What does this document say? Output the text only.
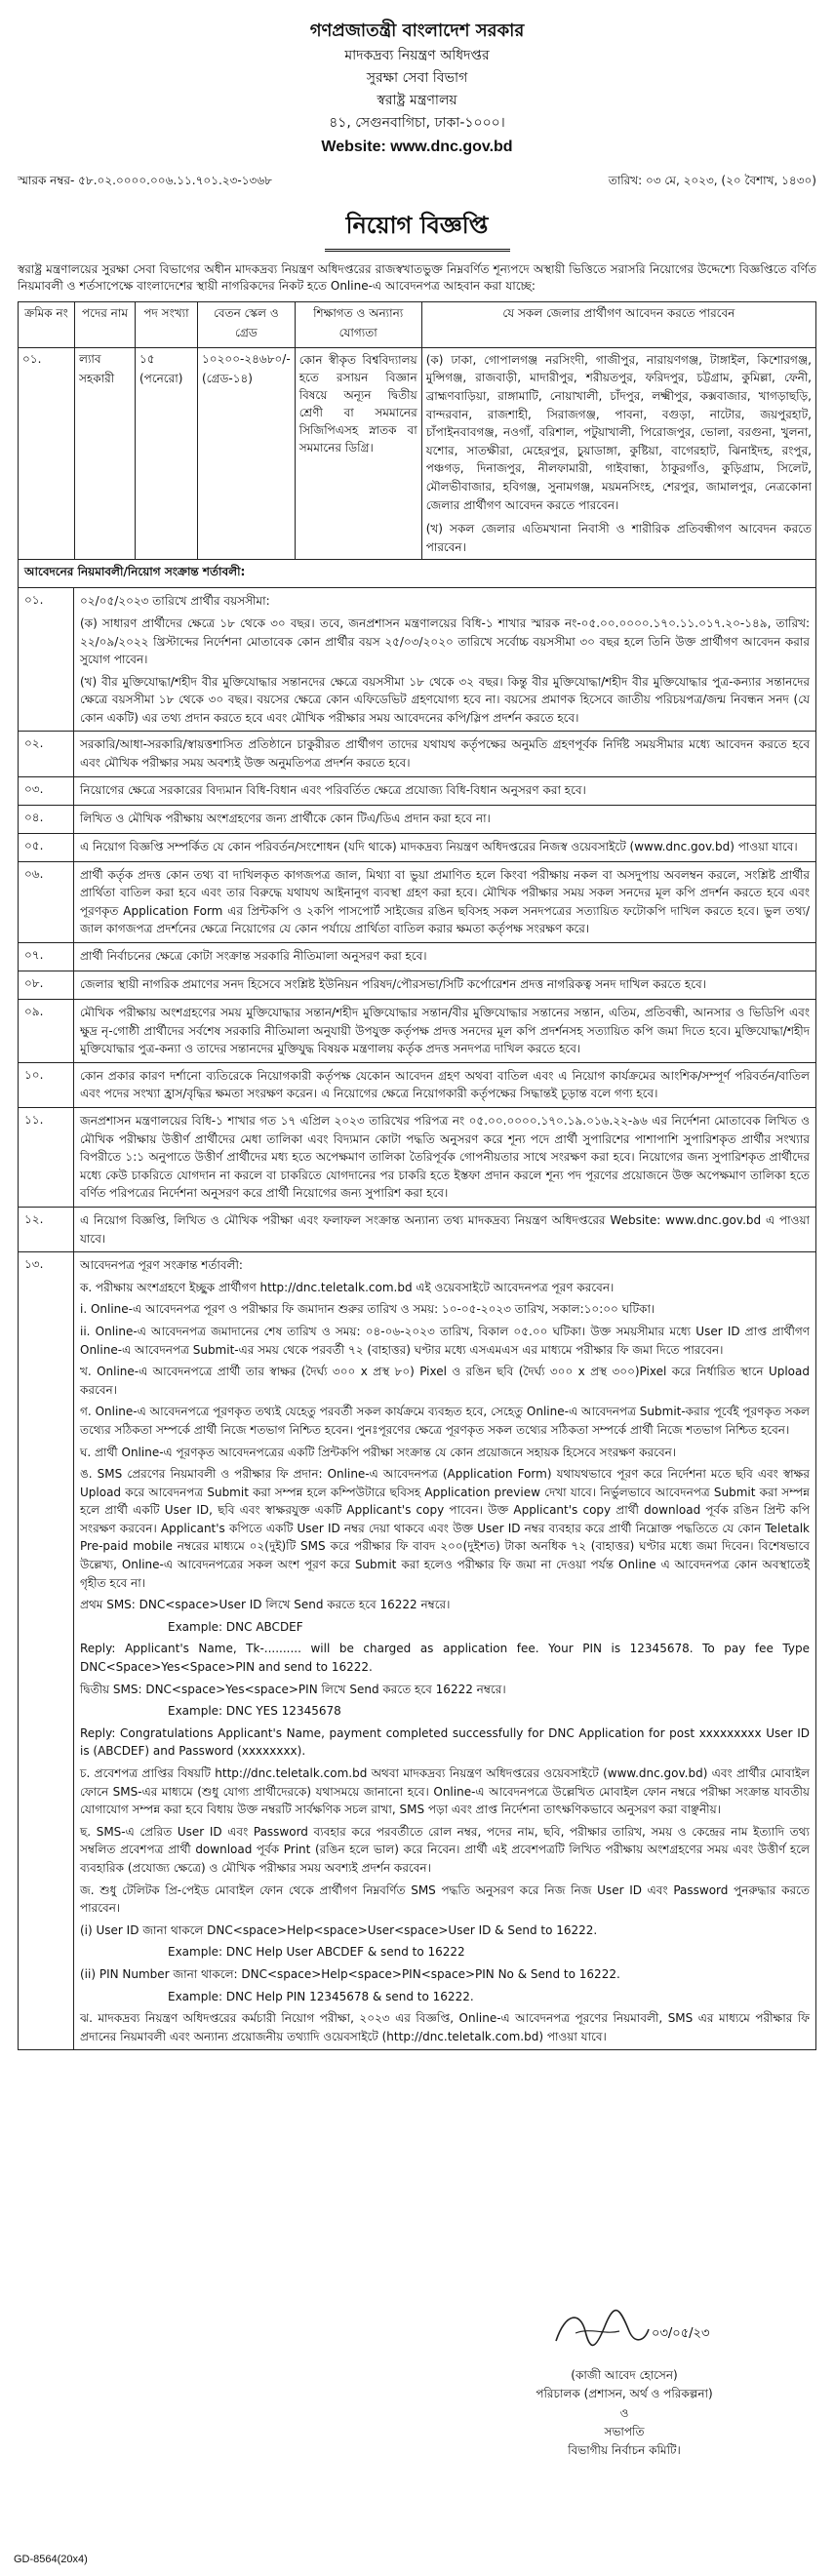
গণপ্রজাতন্ত্রী বাংলাদেশ সরকার
মাদকদ্রব্য নিয়ন্ত্রণ অধিদপ্তর
সুরক্ষা সেবা বিভাগ
স্বরাষ্ট্র মন্ত্রণালয়
৪১, সেগুনবাগিচা, ঢাকা-১০০০।
Website: www.dnc.gov.bd
স্মারক নম্বর- ৫৮.০২.০০০০.০০৬.১১.৭০১.২৩-১৩৬৮	তারিখ: ০৩ মে, ২০২৩, (২০ বৈশাখ, ১৪৩০)
নিয়োগ বিজ্ঞপ্তি
স্বরাষ্ট্র মন্ত্রণালয়ের সুরক্ষা সেবা বিভাগের অধীন মাদকদ্রব্য নিয়ন্ত্রণ অধিদপ্তরের রাজস্বখাতভুক্ত নিম্নবর্ণিত শূন্যপদে অস্থায়ী ভিত্তিতে সরাসরি নিয়োগের উদ্দেশ্যে বিজ্ঞপ্তিতে বর্ণিত নিয়মাবলী ও শর্তসাপেক্ষে বাংলাদেশের স্থায়ী নাগরিকদের নিকট হতে Online-এ আবেদনপত্র আহবান করা যাচ্ছে:
ক্রমিক নং	পদের নাম	পদ সংখ্যা	বেতন স্কেল ও গ্রেড	শিক্ষাগত ও অন্যান্য যোগ্যতা	যে সকল জেলার প্রার্থীগণ আবেদন করতে পারবেন
০১.	ল্যাব সহকারী	১৫ (পনেরো)	১০২০০-২৪৬৮০/- (গ্রেড-১৪)	কোন স্বীকৃত বিশ্ববিদ্যালয় হতে রসায়ন বিজ্ঞান বিষয়ে অন্যূন দ্বিতীয় শ্রেণী বা সমমানের সিজিপিএসহ স্নাতক বা সমমানের ডিগ্রি।	(ক) ঢাকা, গোপালগঞ্জ নরসিংদী, গাজীপুর, নারায়ণগঞ্জ, টাঙ্গাইল, কিশোরগঞ্জ, মুন্সিগঞ্জ, রাজবাড়ী, মাদারীপুর, শরীয়তপুর, ফরিদপুর, চট্টগ্রাম, কুমিল্লা, ফেনী, ব্রাহ্মণবাড়িয়া, রাঙ্গামাটি, নোয়াখালী, চাঁদপুর, লক্ষ্মীপুর, কক্সবাজার, খাগড়াছড়ি, বান্দরবান, রাজশাহী, সিরাজগঞ্জ, পাবনা, বগুড়া, নাটোর, জয়পুরহাট, চাঁপাইনবাবগঞ্জ, নওগাঁ, বরিশাল, পটুয়াখালী, পিরোজপুর, ভোলা, বরগুনা, খুলনা, যশোর, সাতক্ষীরা, মেহেরপুর, চুয়াডাঙ্গা, কুষ্টিয়া, বাগেরহাট, ঝিনাইদহ, রংপুর, পঞ্চগড়, দিনাজপুর, নীলফামারী, গাইবান্ধা, ঠাকুরগাঁও, কুড়িগ্রাম, সিলেট, মৌলভীবাজার, হবিগঞ্জ, সুনামগঞ্জ, ময়মনসিংহ, শেরপুর, জামালপুর, নেত্রকোনা জেলার প্রার্থীগণ আবেদন করতে পারবেন।
(খ) সকল জেলার এতিমখানা নিবাসী ও শারীরিক প্রতিবন্ধীগণ আবেদন করতে পারবেন।
আবেদনের নিয়মাবলী/নিয়োগ সংক্রান্ত শর্তাবলী:
০১.	০২/০৫/২০২৩ তারিখে প্রার্থীর বয়সসীমা:

(ক) সাধারণ প্রার্থীদের ক্ষেত্রে ১৮ থেকে ৩০ বছর। তবে, জনপ্রশাসন মন্ত্রণালয়ের বিধি-১ শাখার স্মারক নং-০৫.০০.০০০০.১৭০.১১.০১৭.২০-১৪৯, তারিখ: ২২/০৯/২০২২ খ্রিস্টাব্দের নির্দেশনা মোতাবেক কোন প্রার্থীর বয়স ২৫/০৩/২০২০ তারিখে সর্বোচ্চ বয়সসীমা ৩০ বছর হলে তিনি উক্ত প্রার্থীগণ আবেদন করার সুযোগ পাবেন।

(খ) বীর মুক্তিযোদ্ধা/শহীদ বীর মুক্তিযোদ্ধার সন্তানদের ক্ষেত্রে বয়সসীমা ১৮ থেকে ৩২ বছর। কিন্তু বীর মুক্তিযোদ্ধা/শহীদ বীর মুক্তিযোদ্ধার পুত্র-কন্যার সন্তানদের ক্ষেত্রে বয়সসীমা ১৮ থেকে ৩০ বছর। বয়সের ক্ষেত্রে কোন এফিডেভিট গ্রহণযোগ্য হবে না। বয়সের প্রমাণক হিসেবে জাতীয় পরিচয়পত্র/জন্ম নিবন্ধন সনদ (যে কোন একটি) এর তথ্য প্রদান করতে হবে এবং মৌখিক পরীক্ষার সময় আবেদনের কপি/স্লিপ প্রদর্শন করতে হবে।

০২.	সরকারি/আধা-সরকারি/স্বায়ত্তশাসিত প্রতিষ্ঠানে চাকুরীরত প্রার্থীগণ তাদের যথাযথ কর্তৃপক্ষের অনুমতি গ্রহণপূর্বক নির্দিষ্ট সময়সীমার মধ্যে আবেদন করতে হবে এবং মৌখিক পরীক্ষার সময় অবশ্যই উক্ত অনুমতিপত্র প্রদর্শন করতে হবে।

০৩.	নিয়োগের ক্ষেত্রে সরকারের বিদ্যমান বিধি-বিধান এবং পরিবর্তিত ক্ষেত্রে প্রযোজ্য বিধি-বিধান অনুসরণ করা হবে।

০৪.	লিখিত ও মৌখিক পরীক্ষায় অংশগ্রহণের জন্য প্রার্থীকে কোন টিএ/ডিএ প্রদান করা হবে না।

০৫.	এ নিয়োগ বিজ্ঞপ্তি সম্পর্কিত যে কোন পরিবর্তন/সংশোধন (যদি থাকে) মাদকদ্রব্য নিয়ন্ত্রণ অধিদপ্তরের নিজস্ব ওয়েবসাইটে (www.dnc.gov.bd) পাওয়া যাবে।

০৬.	প্রার্থী কর্তৃক প্রদত্ত কোন তথ্য বা দাখিলকৃত কাগজপত্র জাল, মিথ্যা বা ভুয়া প্রমাণিত হলে কিংবা পরীক্ষায় নকল বা অসদুপায় অবলম্বন করলে, সংশ্লিষ্ট প্রার্থীর প্রার্থিতা বাতিল করা হবে এবং তার বিরুদ্ধে যথাযথ আইনানুগ ব্যবস্থা গ্রহণ করা হবে। মৌখিক পরীক্ষার সময় সকল সনদের মূল কপি প্রদর্শন করতে হবে এবং পূরণকৃত Application Form এর প্রিন্টকপি ও ২কপি পাসপোর্ট সাইজের রঙিন ছবিসহ সকল সনদপত্রের সত্যায়িত ফটোকপি দাখিল করতে হবে। ভুল তথ্য/জাল কাগজপত্র প্রদর্শনের ক্ষেত্রে নিয়োগের যে কোন পর্যায়ে প্রার্থিতা বাতিল করার ক্ষমতা কর্তৃপক্ষ সংরক্ষণ করে।

০৭.	প্রার্থী নির্বাচনের ক্ষেত্রে কোটা সংক্রান্ত সরকারি নীতিমালা অনুসরণ করা হবে।

০৮.	জেলার স্থায়ী নাগরিক প্রমাণের সনদ হিসেবে সংশ্লিষ্ট ইউনিয়ন পরিষদ/পৌরসভা/সিটি কর্পোরেশন প্রদত্ত নাগরিকত্ব সনদ দাখিল করতে হবে।

০৯.	মৌখিক পরীক্ষায় অংশগ্রহণের সময় মুক্তিযোদ্ধার সন্তান/শহীদ মুক্তিযোদ্ধার সন্তান/বীর মুক্তিযোদ্ধার সন্তানের সন্তান, এতিম, প্রতিবন্ধী, আনসার ও ভিডিপি এবং ক্ষুদ্র নৃ-গোষ্ঠী প্রার্থীদের সর্বশেষ সরকারি নীতিমালা অনুযায়ী উপযুক্ত কর্তৃপক্ষ প্রদত্ত সনদের মূল কপি প্রদর্শনসহ সত্যায়িত কপি জমা দিতে হবে। মুক্তিযোদ্ধা/শহীদ মুক্তিযোদ্ধার পুত্র-কন্যা ও তাদের সন্তানদের মুক্তিযুদ্ধ বিষয়ক মন্ত্রণালয় কর্তৃক প্রদত্ত সনদপত্র দাখিল করতে হবে।

১০.	কোন প্রকার কারণ দর্শানো ব্যতিরেকে নিয়োগকারী কর্তৃপক্ষ যেকোন আবেদন গ্রহণ অথবা বাতিল এবং এ নিয়োগ কার্যক্রমের আংশিক/সম্পূর্ণ পরিবর্তন/বাতিল এবং পদের সংখ্যা হ্রাস/বৃদ্ধির ক্ষমতা সংরক্ষণ করেন। এ নিয়োগের ক্ষেত্রে নিয়োগকারী কর্তৃপক্ষের সিদ্ধান্তই চূড়ান্ত বলে গণ্য হবে।

১১.	জনপ্রশাসন মন্ত্রণালয়ের বিধি-১ শাখার গত ১৭ এপ্রিল ২০২৩ তারিখের পরিপত্র নং ০৫.০০.০০০০.১৭০.১৯.০১৬.২২-৯৬ এর নির্দেশনা মোতাবেক লিখিত ও মৌখিক পরীক্ষায় উত্তীর্ণ প্রার্থীদের মেধা তালিকা এবং বিদ্যমান কোটা পদ্ধতি অনুসরণ করে শূন্য পদে প্রার্থী সুপারিশের পাশাপাশি সুপারিশকৃত প্রার্থীর সংখ্যার বিপরীতে ১:১ অনুপাতে উত্তীর্ণ প্রার্থীদের মধ্য হতে অপেক্ষমাণ তালিকা তৈরিপূর্বক গোপনীয়তার সাথে সংরক্ষণ করা হবে। নিয়োগের জন্য সুপারিশকৃত প্রার্থীদের মধ্যে কেউ চাকরিতে যোগদান না করলে বা চাকরিতে যোগদানের পর চাকরি হতে ইস্তফা প্রদান করলে শূন্য পদ পূরণের প্রয়োজনে উক্ত অপেক্ষমাণ তালিকা হতে বর্ণিত পরিপত্রের নির্দেশনা অনুসরণ করে প্রার্থী নিয়োগের জন্য সুপারিশ করা হবে।

১২.	এ নিয়োগ বিজ্ঞপ্তি, লিখিত ও মৌখিক পরীক্ষা এবং ফলাফল সংক্রান্ত অন্যান্য তথ্য মাদকদ্রব্য নিয়ন্ত্রণ অধিদপ্তরের Website: www.dnc.gov.bd এ পাওয়া যাবে।

১৩.	আবেদনপত্র পূরণ সংক্রান্ত শর্তাবলী:

ক. পরীক্ষায় অংশগ্রহণে ইচ্ছুক প্রার্থীগণ http://dnc.teletalk.com.bd এই ওয়েবসাইটে আবেদনপত্র পূরণ করবেন।

i. Online-এ আবেদনপত্র পূরণ ও পরীক্ষার ফি জমাদান শুরুর তারিখ ও সময়: ১০-০৫-২০২৩ তারিখ, সকাল:১০:০০ ঘটিকা।

ii. Online-এ আবেদনপত্র জমাদানের শেষ তারিখ ও সময়: ০৪-০৬-২০২৩ তারিখ, বিকাল ০৫.০০ ঘটিকা। উক্ত সময়সীমার মধ্যে User ID প্রাপ্ত প্রার্থীগণ Online-এ আবেদনপত্র Submit-এর সময় থেকে পরবর্তী ৭২ (বাহাত্তর) ঘণ্টার মধ্যে এসএমএস এর মাধ্যমে পরীক্ষার ফি জমা দিতে পারবেন।

খ. Online-এ আবেদনপত্রে প্রার্থী তার স্বাক্ষর (দৈর্ঘ্য ৩০০ x প্রস্থ ৮০) Pixel ও রঙিন ছবি (দৈর্ঘ্য ৩০০ x প্রস্থ ৩০০)Pixel করে নির্ধারিত স্থানে Upload করবেন।

গ. Online-এ আবেদনপত্রে পূরণকৃত তথ্যই যেহেতু পরবর্তী সকল কার্যক্রমে ব্যবহৃত হবে, সেহেতু Online-এ আবেদনপত্র Submit-করার পূর্বেই পূরণকৃত সকল তথ্যের সঠিকতা সম্পর্কে প্রার্থী নিজে শতভাগ নিশ্চিত হবেন। পুনঃপূরণের ক্ষেত্রে পূরণকৃত সকল তথ্যের সঠিকতা সম্পর্কে প্রার্থী নিজে শতভাগ নিশ্চিত হবেন।

ঘ. প্রার্থী Online-এ পূরণকৃত আবেদনপত্রের একটি প্রিন্টকপি পরীক্ষা সংক্রান্ত যে কোন প্রয়োজনে সহায়ক হিসেবে সংরক্ষণ করবেন।

ঙ. SMS প্রেরণের নিয়মাবলী ও পরীক্ষার ফি প্রদান: Online-এ আবেদনপত্র (Application Form) যথাযথভাবে পূরণ করে নির্দেশনা মতে ছবি এবং স্বাক্ষর Upload করে আবেদনপত্র Submit করা সম্পন্ন হলে কম্পিউটারে ছবিসহ Application preview দেখা যাবে। নির্ভুলভাবে আবেদনপত্র Submit করা সম্পন্ন হলে প্রার্থী একটি User ID, ছবি এবং স্বাক্ষরযুক্ত একটি Applicant's copy পাবেন। উক্ত Applicant's copy প্রার্থী download পূর্বক রঙিন প্রিন্ট কপি সংরক্ষণ করবেন। Applicant's কপিতে একটি User ID নম্বর দেয়া থাকবে এবং উক্ত User ID নম্বর ব্যবহার করে প্রার্থী নিম্নোক্ত পদ্ধতিতে যে কোন Teletalk Pre-paid mobile নম্বরের মাধ্যমে ০২(দুই)টি SMS করে পরীক্ষার ফি বাবদ ২০০(দুইশত) টাকা অনধিক ৭২ (বাহাত্তর) ঘণ্টার মধ্যে জমা দিবেন। বিশেষভাবে উল্লেখ্য, Online-এ আবেদনপত্রের সকল অংশ পূরণ করে Submit করা হলেও পরীক্ষার ফি জমা না দেওয়া পর্যন্ত Online এ আবেদনপত্র কোন অবস্থাতেই গৃহীত হবে না।

প্রথম SMS: DNC<space>User ID লিখে Send করতে হবে 16222 নম্বরে।

Example: DNC ABCDEF

Reply: Applicant's Name, Tk-.......... will be charged as application fee. Your PIN is 12345678. To pay fee Type DNC<Space>Yes<Space>PIN and send to 16222.

দ্বিতীয় SMS: DNC<space>Yes<space>PIN লিখে Send করতে হবে 16222 নম্বরে।

Example: DNC YES 12345678

Reply: Congratulations Applicant's Name, payment completed successfully for DNC Application for post xxxxxxxxx User ID is (ABCDEF) and Password (xxxxxxxx).

চ. প্রবেশপত্র প্রাপ্তির বিষয়টি http://dnc.teletalk.com.bd অথবা মাদকদ্রব্য নিয়ন্ত্রণ অধিদপ্তরের ওয়েবসাইটে (www.dnc.gov.bd) এবং প্রার্থীর মোবাইল ফোনে SMS-এর মাধ্যমে (শুধু যোগ্য প্রার্থীদেরকে) যথাসময়ে জানানো হবে। Online-এ আবেদনপত্রে উল্লেখিত মোবাইল ফোন নম্বরে পরীক্ষা সংক্রান্ত যাবতীয় যোগাযোগ সম্পন্ন করা হবে বিধায় উক্ত নম্বরটি সার্বক্ষণিক সচল রাখা, SMS পড়া এবং প্রাপ্ত নির্দেশনা তাৎক্ষণিকভাবে অনুসরণ করা বাঞ্ছনীয়।

ছ. SMS-এ প্রেরিত User ID এবং Password ব্যবহার করে পরবর্তীতে রোল নম্বর, পদের নাম, ছবি, পরীক্ষার তারিখ, সময় ও কেন্দ্রের নাম ইত্যাদি তথ্য সম্বলিত প্রবেশপত্র প্রার্থী download পূর্বক Print (রঙিন হলে ভাল) করে নিবেন। প্রার্থী এই প্রবেশপত্রটি লিখিত পরীক্ষায় অংশগ্রহণের সময় এবং উত্তীর্ণ হলে ব্যবহারিক (প্রযোজ্য ক্ষেত্রে) ও মৌখিক পরীক্ষার সময় অবশ্যই প্রদর্শন করবেন।

জ. শুধু টেলিটক প্রি-পেইড মোবাইল ফোন থেকে প্রার্থীগণ নিম্নবর্ণিত SMS পদ্ধতি অনুসরণ করে নিজ নিজ User ID এবং Password পুনরুদ্ধার করতে পারবেন।

(i) User ID জানা থাকলে DNC<space>Help<space>User<space>User ID & Send to 16222.

Example: DNC Help User ABCDEF & send to 16222

(ii) PIN Number জানা থাকলে: DNC<space>Help<space>PIN<space>PIN No & Send to 16222.

Example: DNC Help PIN 12345678 & send to 16222.

ঝ. মাদকদ্রব্য নিয়ন্ত্রণ অধিদপ্তরের কর্মচারী নিয়োগ পরীক্ষা, ২০২৩ এর বিজ্ঞপ্তি, Online-এ আবেদনপত্র পূরণের নিয়মাবলী, SMS এর মাধ্যমে পরীক্ষার ফি প্রদানের নিয়মাবলী এবং অন্যান্য প্রয়োজনীয় তথ্যাদি ওয়েবসাইটে (http://dnc.teletalk.com.bd) পাওয়া যাবে।

০৩/০৫/২৩
(কাজী আবেদ হোসেন)
পরিচালক (প্রশাসন, অর্থ ও পরিকল্পনা)
ও
সভাপতি
বিভাগীয় নির্বাচন কমিটি।
GD-8564(20x4)
